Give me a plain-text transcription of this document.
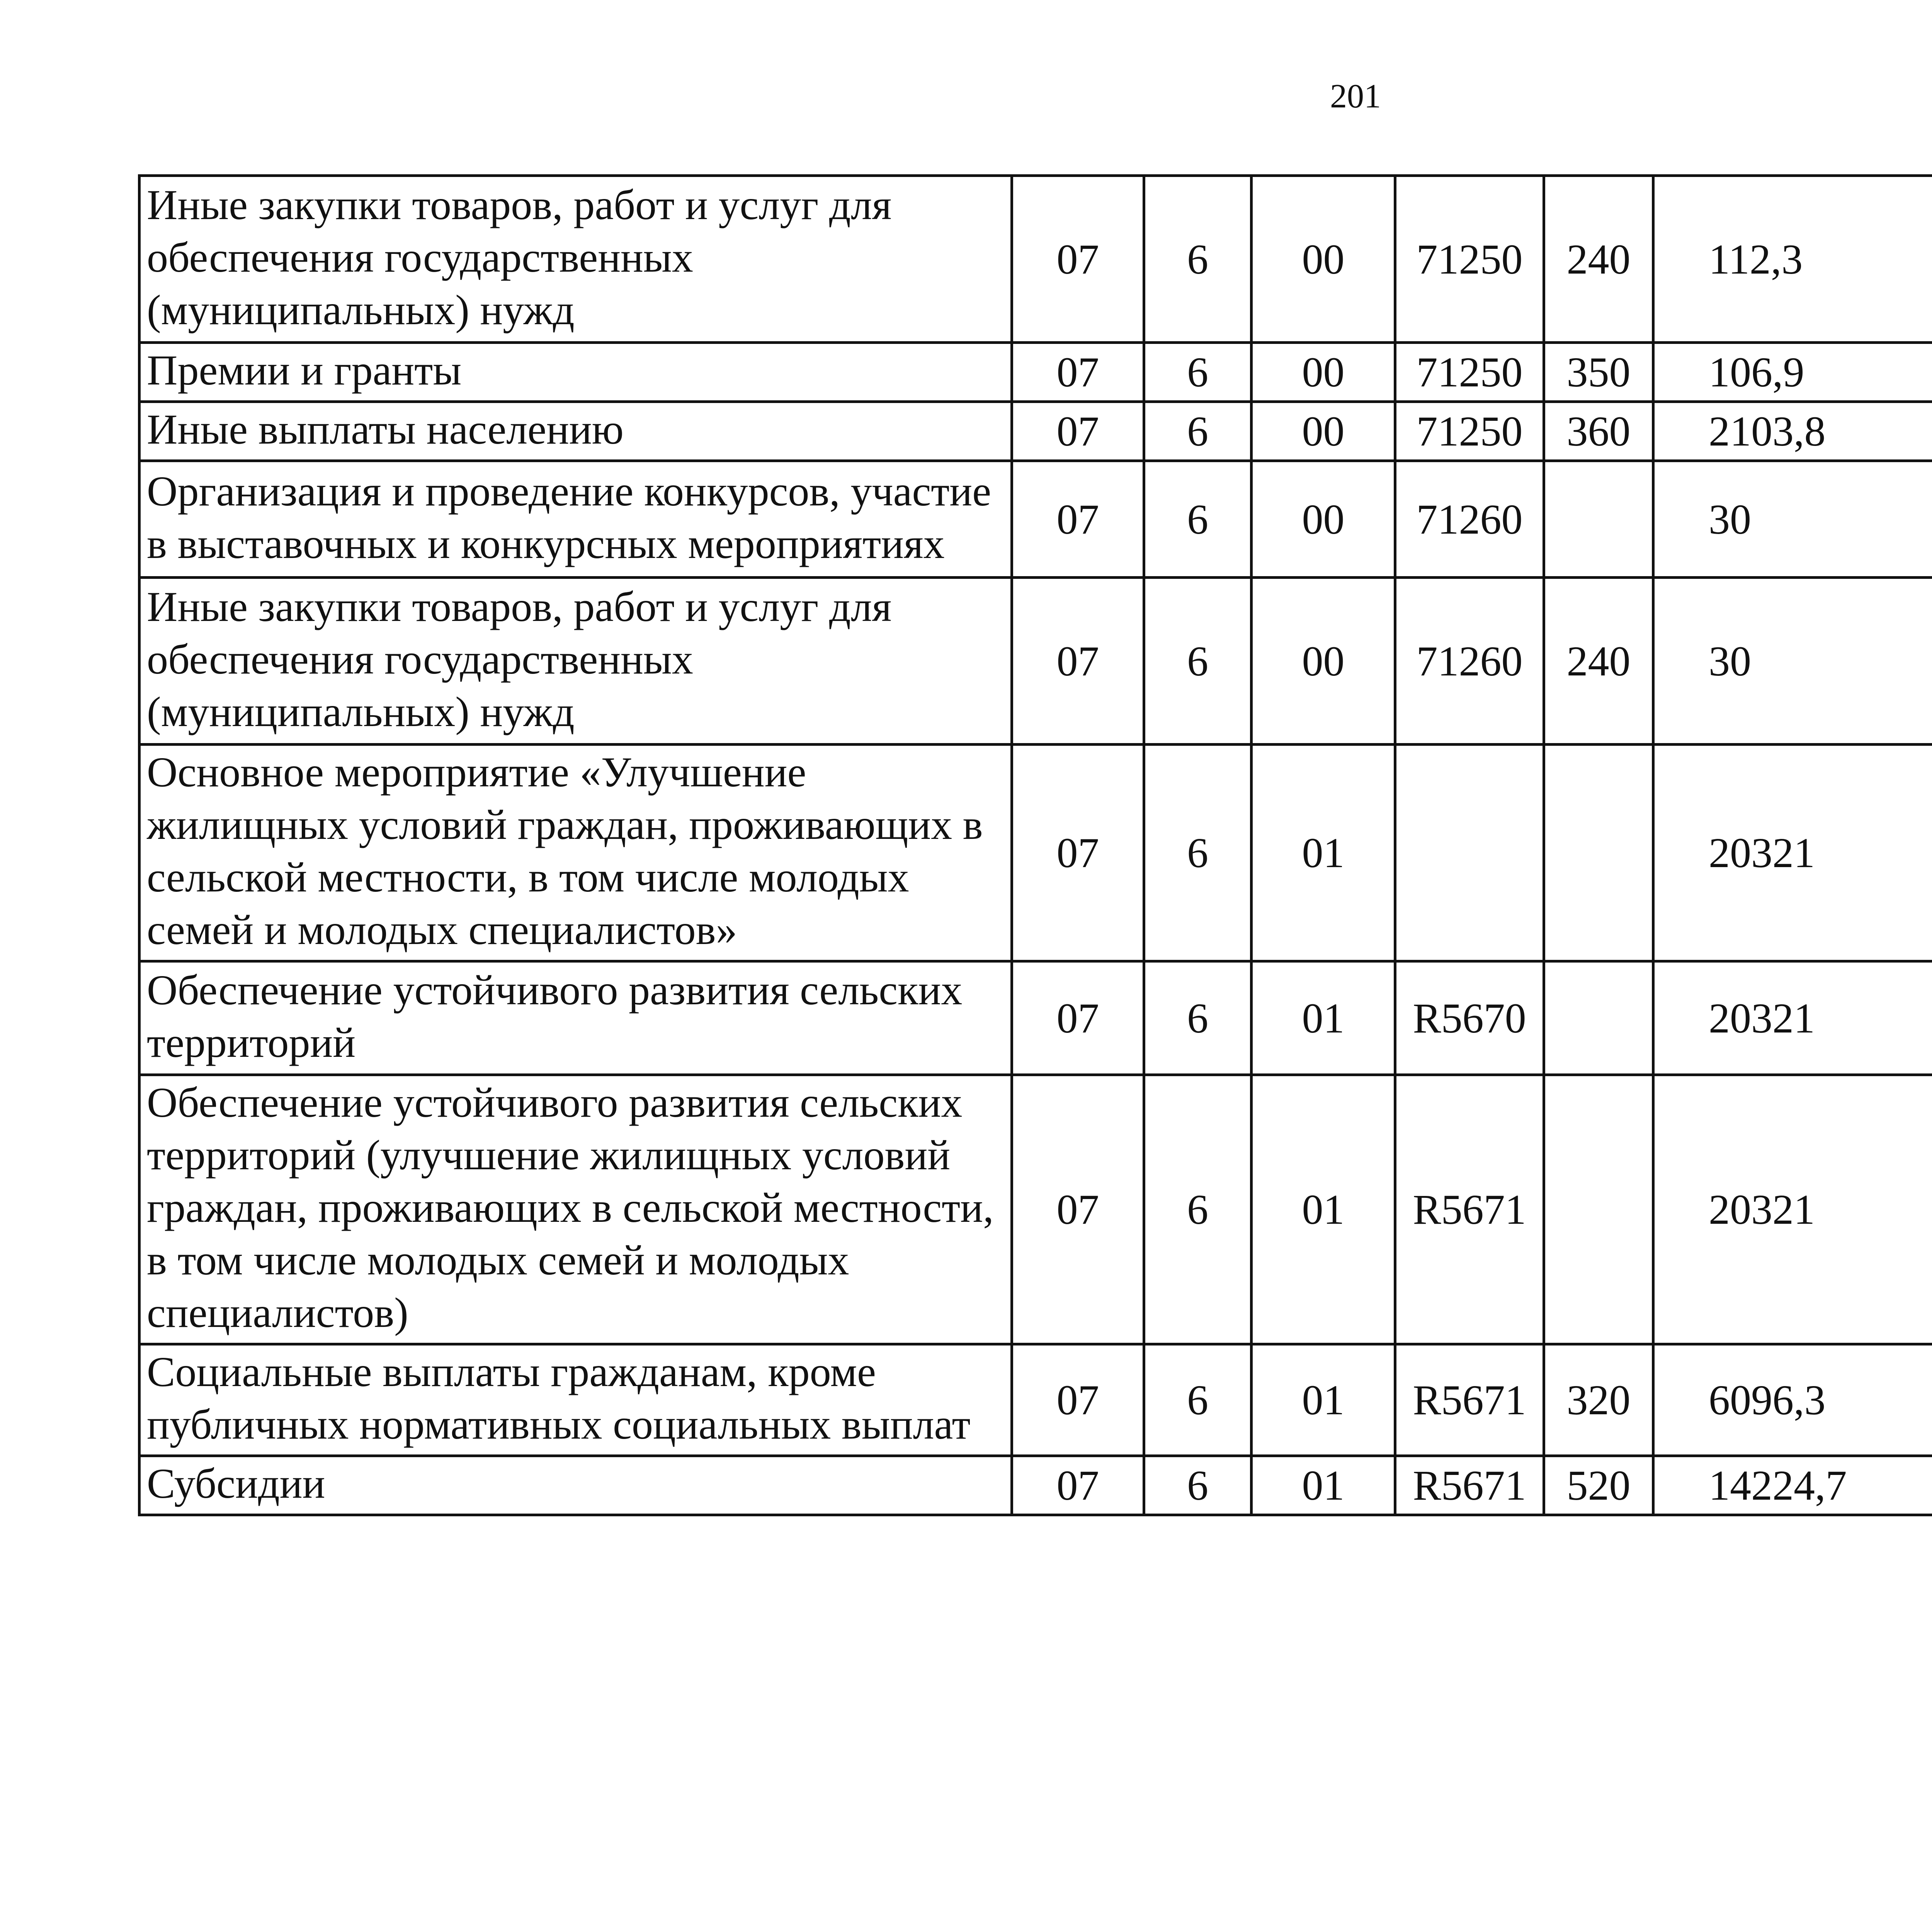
201
Иные закупки товаров, работ и услуг для обеспечения государственных (муниципальных) нужд	07	6	00	71250	240	112,3		
Премии и гранты	07	6	00	71250	350	106,9		
Иные выплаты населению	07	6	00	71250	360	2103,8		
Организация и проведение конкурсов, участие в выставочных и конкурсных мероприятиях	07	6	00	71260		30		
Иные закупки товаров, работ и услуг для обеспечения государственных (муниципальных) нужд	07	6	00	71260	240	30		
Основное мероприятие «Улучшение жилищных условий граждан, проживающих в сельской местности, в том числе молодых семей и молодых специалистов»	07	6	01			20321		
Обеспечение устойчивого развития сельских территорий	07	6	01	R5670		20321		
Обеспечение устойчивого развития сельских территорий (улучшение жилищных условий граждан, проживающих в сельской местности, в том числе молодых семей и молодых специалистов)	07	6	01	R5671		20321		
Социальные выплаты гражданам, кроме публичных нормативных социальных выплат	07	6	01	R5671	320	6096,3		
Субсидии	07	6	01	R5671	520	14224,7		
